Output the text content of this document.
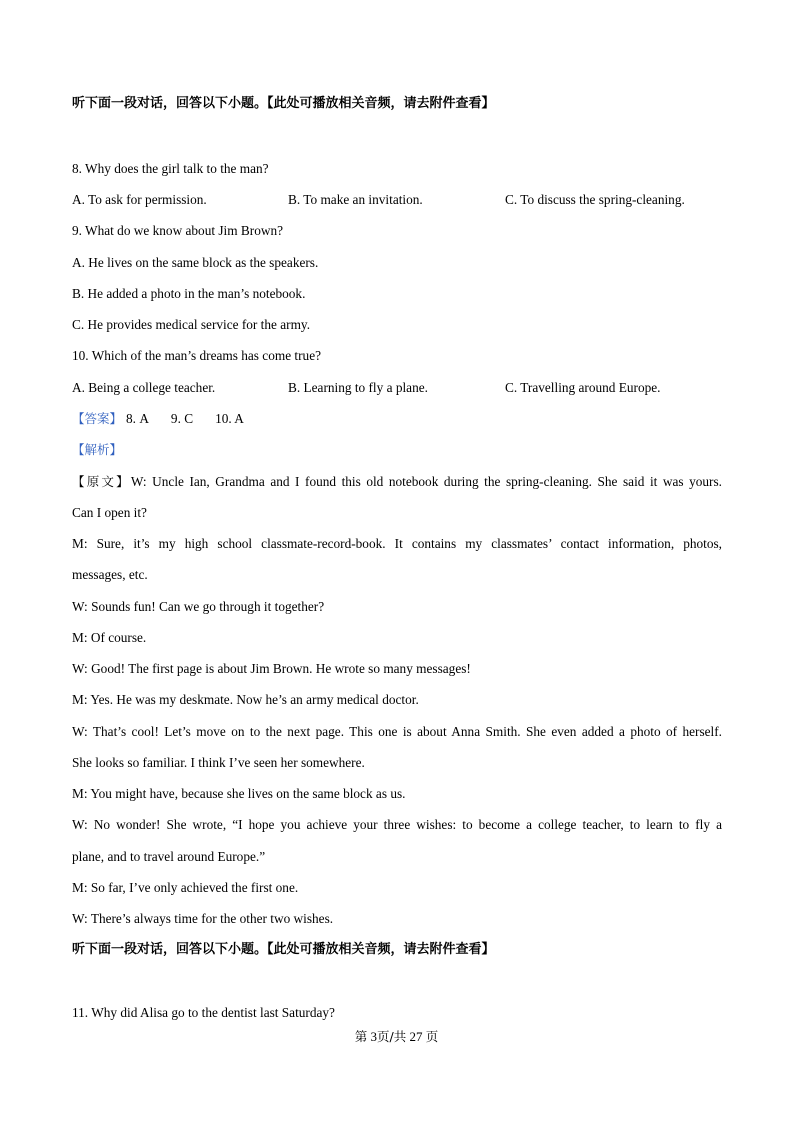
听下面一段对话，回答以下小题。【此处可播放相关音频，请去附件查看】
8. Why does the girl talk to the man?
A. To ask for permission.	B. To make an invitation.	C. To discuss the spring-cleaning.
9. What do we know about Jim Brown?
A. He lives on the same block as the speakers.
B. He added a photo in the man’s notebook.
C. He provides medical service for the army.
10. Which of the man’s dreams has come true?
A. Being a college teacher.	B. Learning to fly a plane.	C. Travelling around Europe.
【答案】 8. A 9. C 10. A
【解析】
【原文】W: Uncle Ian, Grandma and I found this old notebook during the spring-cleaning. She said it was yours.
Can I open it?
M: Sure, it’s my high school classmate-record-book. It contains my classmates’ contact information, photos,
messages, etc.
W: Sounds fun! Can we go through it together?
M: Of course.
W: Good! The first page is about Jim Brown. He wrote so many messages!
M: Yes. He was my deskmate. Now he’s an army medical doctor.
W: That’s cool! Let’s move on to the next page. This one is about Anna Smith. She even added a photo of herself.
She looks so familiar. I think I’ve seen her somewhere.
M: You might have, because she lives on the same block as us.
W: No wonder! She wrote, “I hope you achieve your three wishes: to become a college teacher, to learn to fly a
plane, and to travel around Europe.”
M: So far, I’ve only achieved the first one.
W: There’s always time for the other two wishes.
听下面一段对话，回答以下小题。【此处可播放相关音频，请去附件查看】
11. Why did Alisa go to the dentist last Saturday?
第 3页/共 27 页
